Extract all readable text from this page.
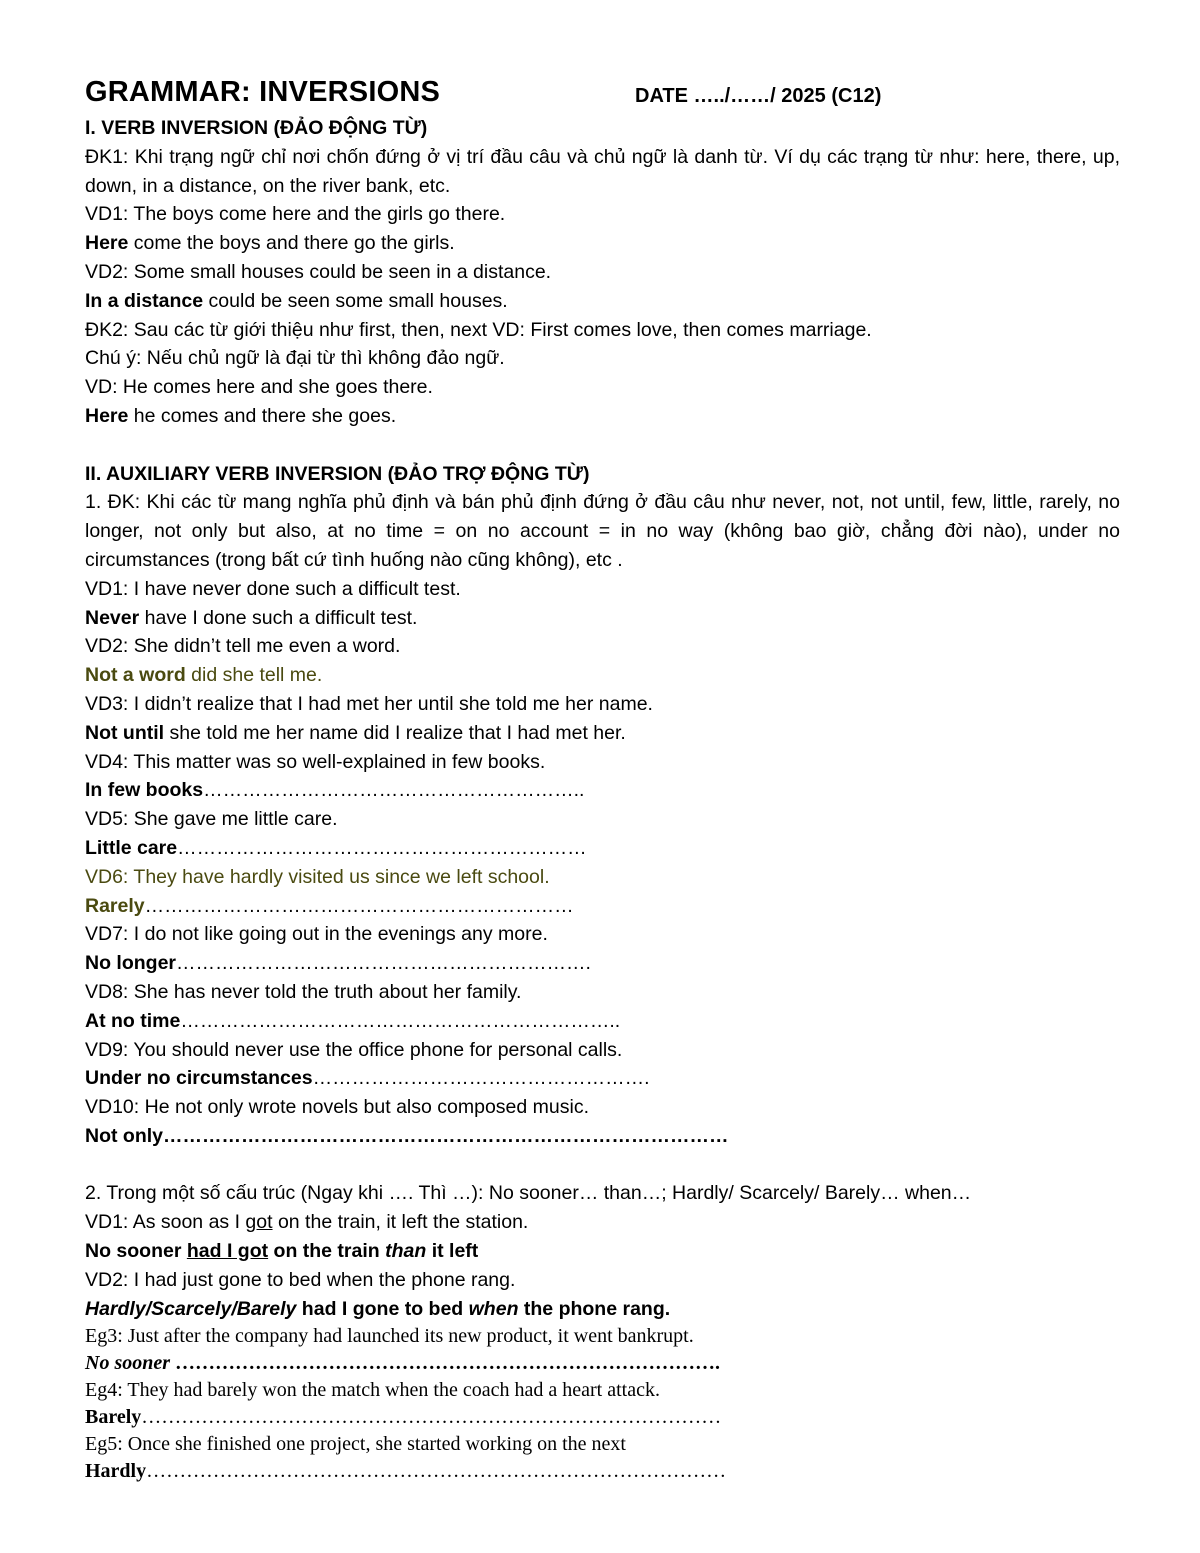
GRAMMAR: INVERSIONS	DATE …../……/ 2025 (C12)
I. VERB INVERSION (ĐẢO ĐỘNG TỪ)
ĐK1: Khi trạng ngữ chỉ nơi chốn đứng ở vị trí đầu câu và chủ ngữ là danh từ. Ví dụ các trạng từ như: here, there, up, down, in a distance, on the river bank, etc.
VD1: The boys come here and the girls go there.
Here come the boys and there go the girls.
VD2: Some small houses could be seen in a distance.
In a distance could be seen some small houses.
ĐK2: Sau các từ giới thiệu như first, then, next VD: First comes love, then comes marriage.
Chú ý: Nếu chủ ngữ là đại từ thì không đảo ngữ.
VD: He comes here and she goes there.
Here he comes and there she goes.
II. AUXILIARY VERB INVERSION (ĐẢO TRỢ ĐỘNG TỪ)
1. ĐK: Khi các từ mang nghĩa phủ định và bán phủ định đứng ở đầu câu như never, not, not until, few, little, rarely, no longer, not only but also, at no time = on no account = in no way (không bao giờ, chẳng đời nào), under no circumstances (trong bất cứ tình huống nào cũng không), etc .
VD1: I have never done such a difficult test.
Never have I done such a difficult test.
VD2: She didn’t tell me even a word.
Not a word did she tell me.
VD3: I didn’t realize that I had met her until she told me her name.
Not until she told me her name did I realize that I had met her.
VD4: This matter was so well-explained in few books.
In few books…………………………………………………..
VD5: She gave me little care.
Little care………………………………………………………
VD6: They have hardly visited us since we left school.
Rarely…………………………………………………………
VD7: I do not like going out in the evenings any more.
No longer……………………………………………………….
VD8: She has never told the truth about her family.
At no time…………………………………………………………..
VD9: You should never use the office phone for personal calls.
Under no circumstances…………………………………………….
VD10: He not only wrote novels but also composed music.
Not only……………………………………………………………………………
2. Trong một số cấu trúc (Ngay khi …. Thì …): No sooner… than…; Hardly/ Scarcely/ Barely… when…
VD1: As soon as I got on the train, it left the station.
No sooner had I got on the train than it left
VD2: I had just gone to bed when the phone rang.
Hardly/Scarcely/Barely had I gone to bed when the phone rang.
Eg3: Just after the company had launched its new product, it went bankrupt.
No sooner ……………………………………………………………………….
Eg4: They had barely won the match when the coach had a heart attack.
Barely……………………………………………………………………………
Eg5: Once she finished one project, she started working on the next
Hardly……………………………………………………………………………
